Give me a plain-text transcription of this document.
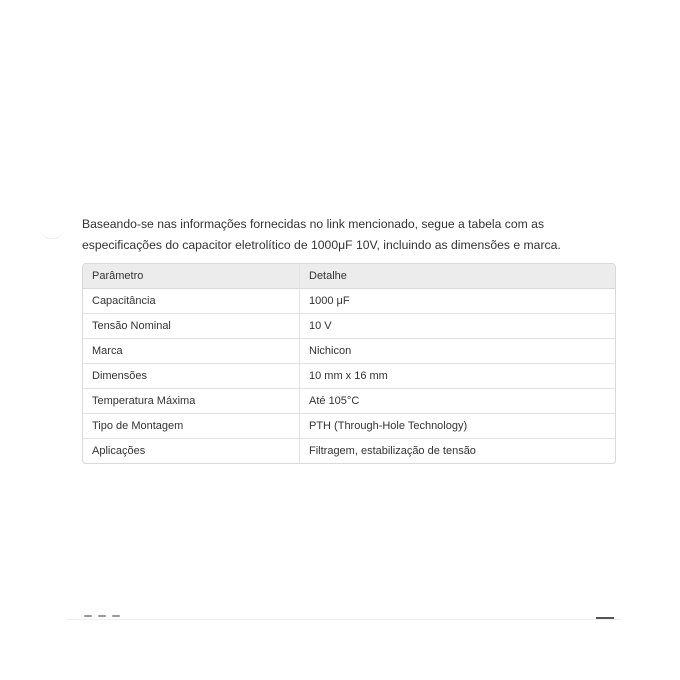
Baseando-se nas informações fornecidas no link mencionado, segue a tabela com as especificações do capacitor eletrolítico de 1000μF 10V, incluindo as dimensões e marca.

Parâmetro	Detalhe
Capacitância	1000 μF
Tensão Nominal	10 V
Marca	Nichicon
Dimensões	10 mm x 16 mm
Temperatura Máxima	Até 105°C
Tipo de Montagem	PTH (Through-Hole Technology)
Aplicações	Filtragem, estabilização de tensão
